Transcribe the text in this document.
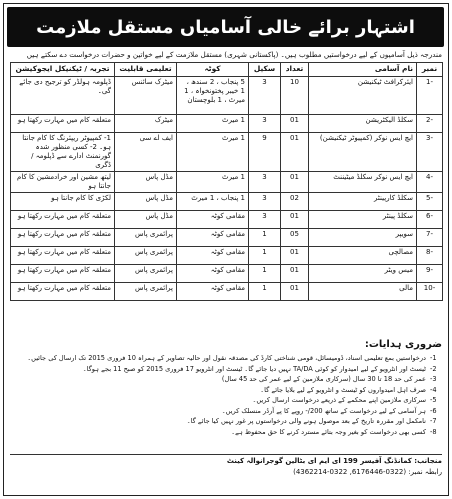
اشتہار برائے خالی آسامیاں مستقل ملازمت
مندرجہ ذیل آسامیوں کے لیے درخواستیں مطلوب ہیں۔ (پاکستانی شہری) مستقل ملازمت کے لیے خواتین و حضرات درخواست دے سکتے ہیں
نمبر	نام آسامی	تعداد	سکیل	کوٹہ	تعلیمی قابلیت	تجربہ / ٹیکنیکل ایجوکیشن
-1	ایئرکرافٹ ٹیکنیشن	10	3	5 پنجاب ، 2 سندھ ، 1 خیبر پختونخواہ ، 1 میرٹ ، 1 بلوچستان	میٹرک سائنس	ڈپلومہ ہولڈر کو ترجیح دی جائے گی۔
-2	سکلڈ الیکٹریشن	01	3	1 میرٹ	میٹرک	متعلقہ کام میں مہارت رکھتا ہو
-3	ایچ ایس نوکر (کمپیوٹر ٹیکنیشن)	01	9	1 میرٹ	ایف اے سی	1- کمپیوٹر ریپئرنگ کا کام جانتا ہو۔ 2- کسی منظور شدہ گورنمنٹ ادارے سے ڈپلومہ / ڈگری
-4	ایچ ایس نوکر سکلڈ میٹیننٹ	01	3	1 میرٹ	مڈل پاس	لیتھ مشین اور خرادمشین کا کام جانتا ہو
-5	سکلڈ کارپینٹر	02	3	1 پنجاب ، 1 میرٹ	مڈل پاس	لکڑی کا کام جانتا ہو
-6	سکلڈ پینٹر	01	3	مقامی کوٹہ	مڈل پاس	متعلقہ کام میں مہارت رکھتا ہو
-7	سویپر	05	1	مقامی کوٹہ	پرائمری پاس	متعلقہ کام میں مہارت رکھتا ہو
-8	مصالچی	01	1	مقامی کوٹہ	پرائمری پاس	متعلقہ کام میں مہارت رکھتا ہو
-9	میس ویٹر	01	1	مقامی کوٹہ	پرائمری پاس	متعلقہ کام میں مہارت رکھتا ہو
-10	مالی	01	1	مقامی کوٹہ	پرائمری پاس	متعلقہ کام میں مہارت رکھتا ہو
ضروری ہدایات:
-1
درخواستیں بمع تعلیمی اسناد، ڈومیسائل، قومی شناختی کارڈ کی مصدقہ نقول اور حالیہ تصاویر کے ہمراہ 10 فروری 2015 تک ارسال کی جائیں۔
-2
ٹیسٹ اور انٹرویو کے لیے امیدوار کو کوئی TA/DA نہیں دیا جائے گا۔ ٹیسٹ اور انٹرویو 17 فروری 2015 کو صبح 11 بجے ہوگا۔
-3
عمر کی حد 18 تا 30 سال (سرکاری ملازمین کے لیے عمر کی حد 45 سال)
-4
صرف اہل امیدواروں کو ٹیسٹ و انٹرویو کے لیے بلایا جائے گا۔
-5
سرکاری ملازمین اپنے محکمے کے ذریعے درخواست ارسال کریں۔
-6
ہر آسامی کے لیے درخواست کے ساتھ 200/- روپے کا پے آرڈر منسلک کریں۔
-7
نامکمل اور مقررہ تاریخ کے بعد موصول ہونے والی درخواستوں پر غور نہیں کیا جائے گا۔
-8
کسی بھی درخواست کو بغیر وجہ بتائے مسترد کرنے کا حق محفوظ ہے۔
منجانب: کمانڈنگ آفیسر 199 ای ایم ای بٹالین گوجرانوالہ کینٹ
رابطہ نمبر: (0322-6176446, 0322-4362214)
